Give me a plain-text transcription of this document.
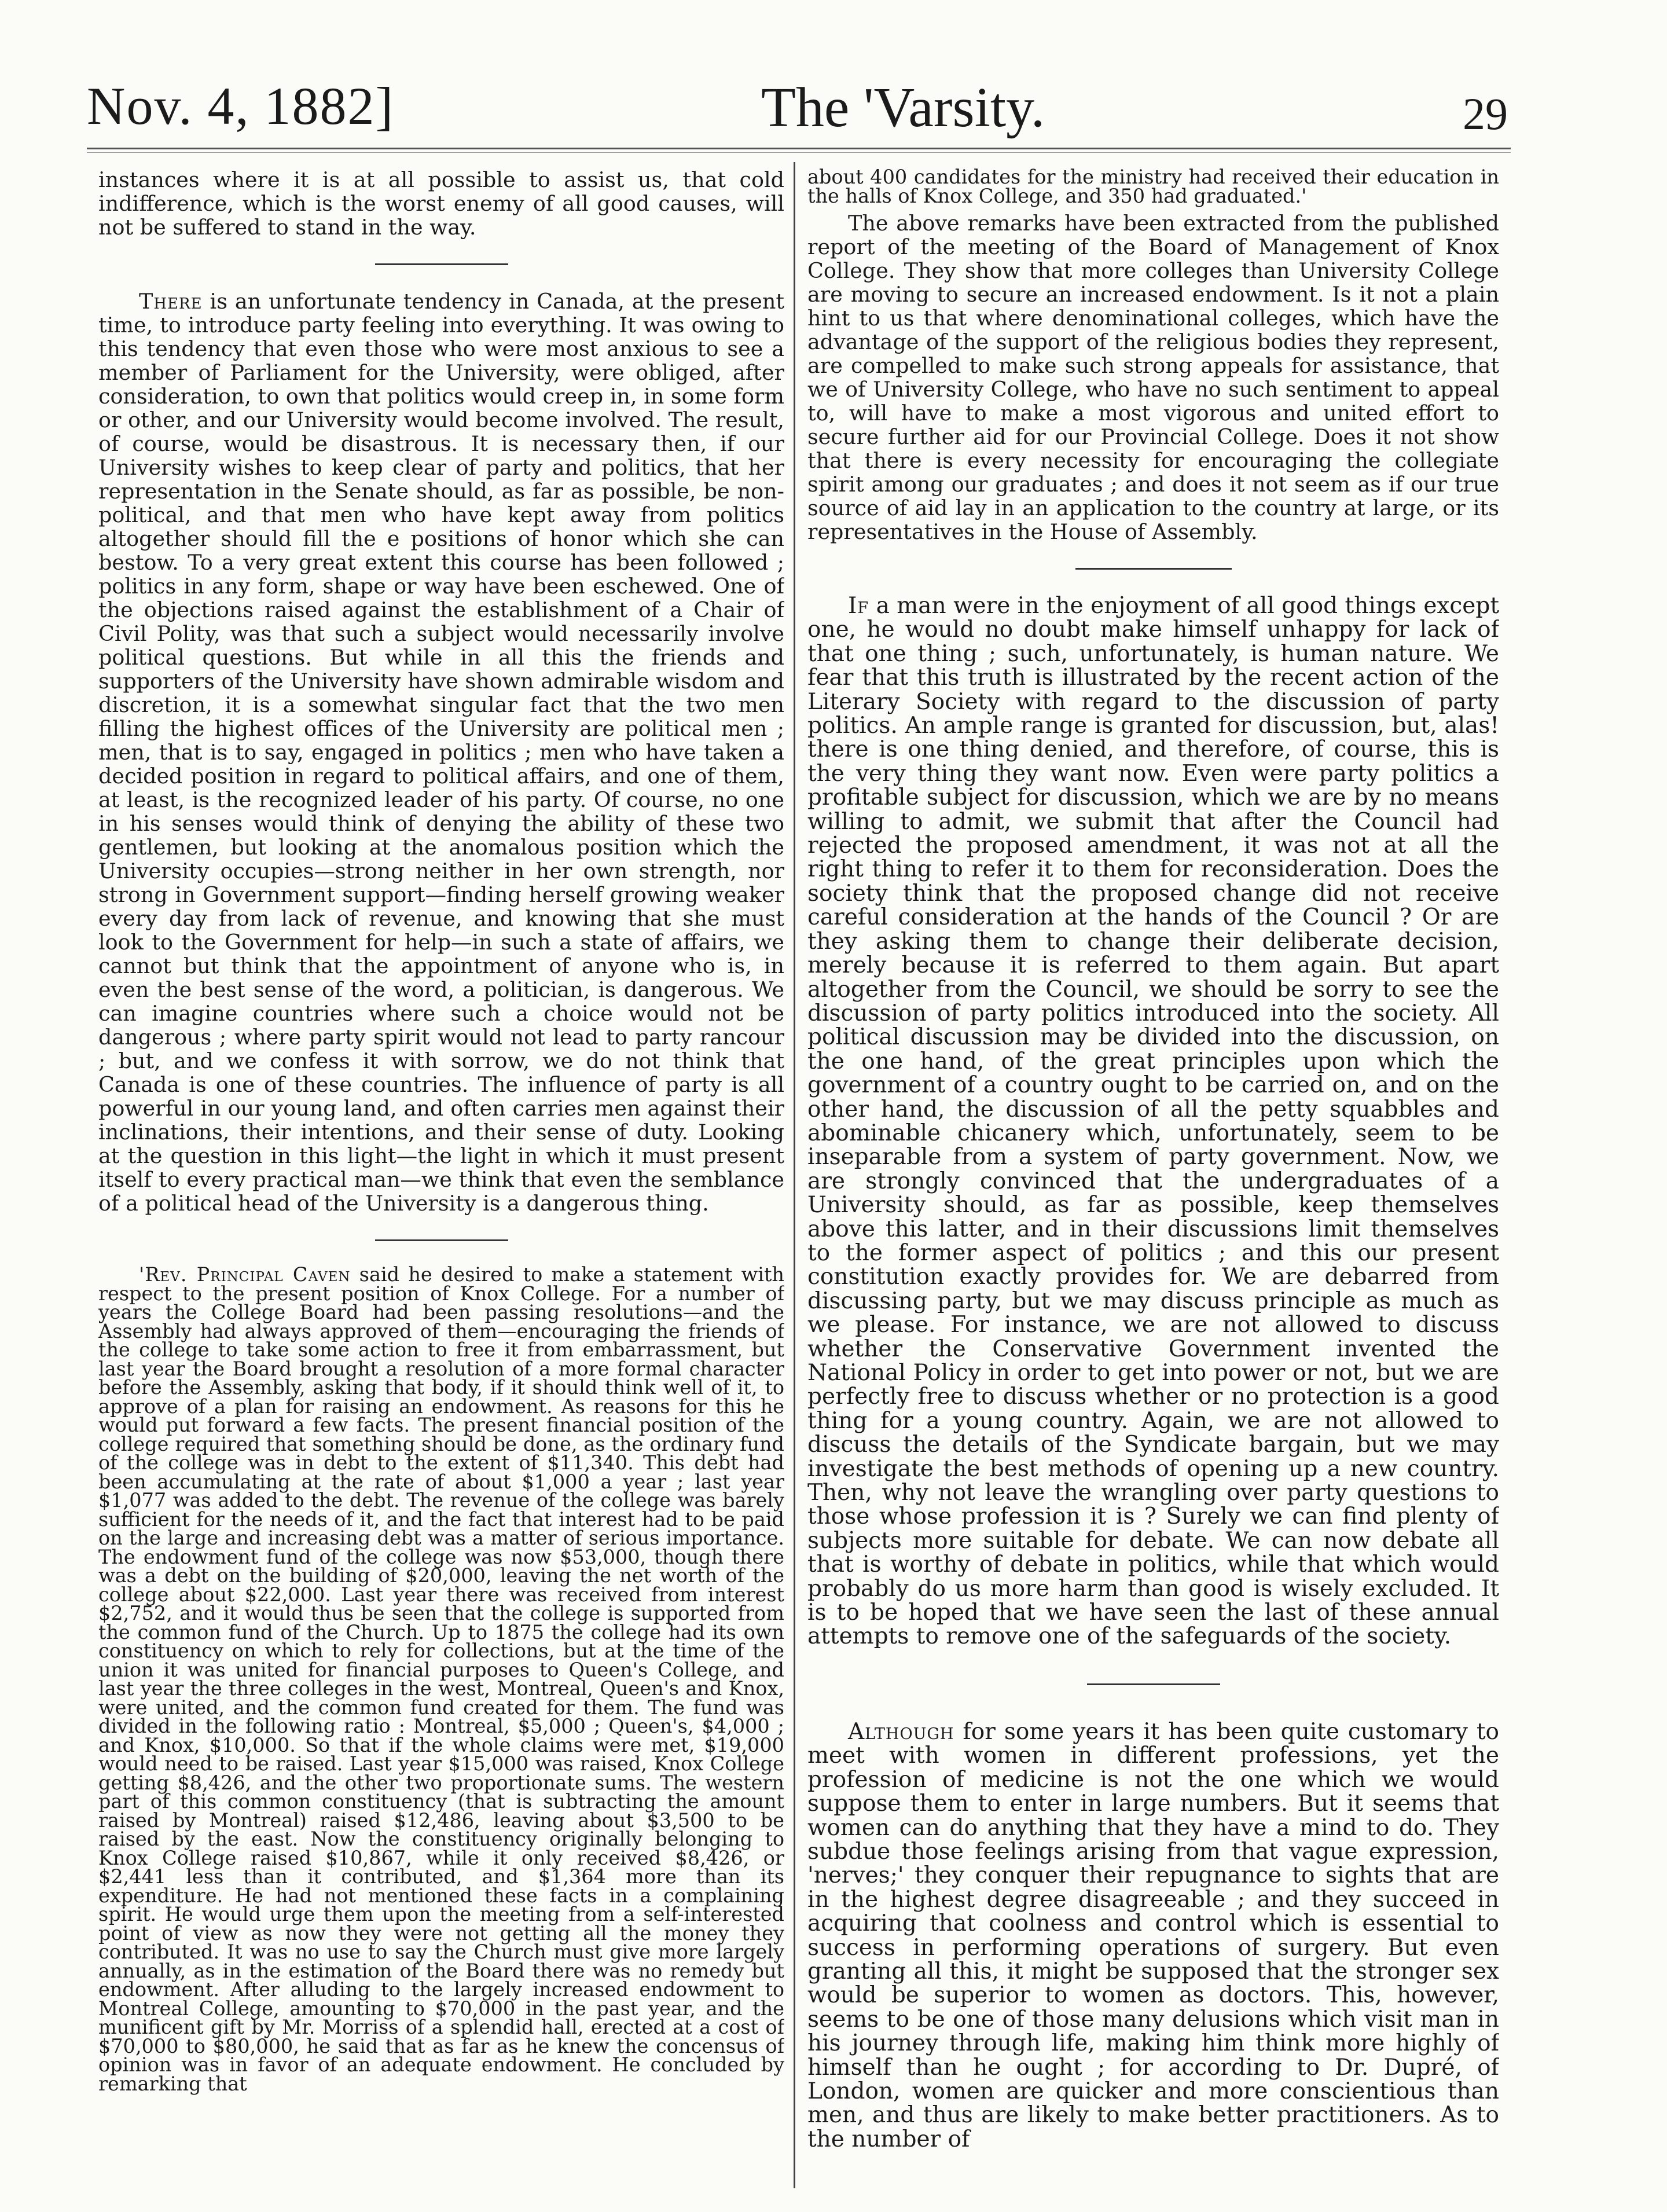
Nov. 4, 1882]	The 'Varsity.	29

instances where it is at all possible to assist us, that cold indifference, which is the worst enemy of all good causes, will not be suffered to stand in the way.

There is an unfortunate tendency in Canada, at the present time, to introduce party feeling into everything. It was owing to this tendency that even those who were most anxious to see a member of Parliament for the University, were obliged, after consideration, to own that politics would creep in, in some form or other, and our University would become involved. The result, of course, would be disastrous. It is necessary then, if our University wishes to keep clear of party and politics, that her representation in the Senate should, as far as possible, be non-political, and that men who have kept away from politics altogether should fill the e positions of honor which she can bestow. To a very great extent this course has been followed ; politics in any form, shape or way have been eschewed. One of the objections raised against the establishment of a Chair of Civil Polity, was that such a subject would necessarily involve political questions. But while in all this the friends and supporters of the University have shown admirable wisdom and discretion, it is a somewhat singular fact that the two men filling the highest offices of the University are political men ; men, that is to say, engaged in politics ; men who have taken a decided position in regard to political affairs, and one of them, at least, is the recognized leader of his party. Of course, no one in his senses would think of denying the ability of these two gentlemen, but looking at the anomalous position which the University occupies—strong neither in her own strength, nor strong in Government support—finding herself growing weaker every day from lack of revenue, and knowing that she must look to the Government for help—in such a state of affairs, we cannot but think that the appointment of anyone who is, in even the best sense of the word, a politician, is dangerous. We can imagine countries where such a choice would not be dangerous ; where party spirit would not lead to party rancour ; but, and we confess it with sorrow, we do not think that Canada is one of these countries. The influence of party is all powerful in our young land, and often carries men against their inclinations, their intentions, and their sense of duty. Looking at the question in this light—the light in which it must present itself to every practical man—we think that even the semblance of a political head of the University is a dangerous thing.

'Rev. Principal Caven said he desired to make a statement with respect to the present position of Knox College. For a number of years the College Board had been passing resolutions—and the Assembly had always approved of them—encouraging the friends of the college to take some action to free it from embarrassment, but last year the Board brought a resolution of a more formal character before the Assembly, asking that body, if it should think well of it, to approve of a plan for raising an endowment. As reasons for this he would put forward a few facts. The present financial position of the college required that something should be done, as the ordinary fund of the college was in debt to the extent of $11,340. This debt had been accumulating at the rate of about $1,000 a year ; last year $1,077 was added to the debt. The revenue of the college was barely sufficient for the needs of it, and the fact that interest had to be paid on the large and increasing debt was a matter of serious importance. The endowment fund of the college was now $53,000, though there was a debt on the building of $20,000, leaving the net worth of the college about $22,000. Last year there was received from interest $2,752, and it would thus be seen that the college is supported from the common fund of the Church. Up to 1875 the college had its own constituency on which to rely for collections, but at the time of the union it was united for financial purposes to Queen's College, and last year the three colleges in the west, Montreal, Queen's and Knox, were united, and the common fund created for them. The fund was divided in the following ratio : Montreal, $5,000 ; Queen's, $4,000 ; and Knox, $10,000. So that if the whole claims were met, $19,000 would need to be raised. Last year $15,000 was raised, Knox College getting $8,426, and the other two proportionate sums. The western part of this common constituency (that is subtracting the amount raised by Montreal) raised $12,486, leaving about $3,500 to be raised by the east. Now the constituency originally belonging to Knox College raised $10,867, while it only received $8,426, or $2,441 less than it contributed, and $1,364 more than its expenditure. He had not mentioned these facts in a complaining spirit. He would urge them upon the meeting from a self-interested point of view as now they were not getting all the money they contributed. It was no use to say the Church must give more largely annually, as in the estimation of the Board there was no remedy but endowment. After alluding to the largely increased endowment to Montreal College, amounting to $70,000 in the past year, and the munificent gift by Mr. Morriss of a splendid hall, erected at a cost of $70,000 to $80,000, he said that as far as he knew the concensus of opinion was in favor of an adequate endowment. He concluded by remarking that

about 400 candidates for the ministry had received their education in the halls of Knox College, and 350 had graduated.'

The above remarks have been extracted from the published report of the meeting of the Board of Management of Knox College. They show that more colleges than University College are moving to secure an increased endowment. Is it not a plain hint to us that where denominational colleges, which have the advantage of the support of the religious bodies they represent, are compelled to make such strong appeals for assistance, that we of University College, who have no such sentiment to appeal to, will have to make a most vigorous and united effort to secure further aid for our Provincial College. Does it not show that there is every necessity for encouraging the collegiate spirit among our graduates ; and does it not seem as if our true source of aid lay in an application to the country at large, or its representatives in the House of Assembly.

If a man were in the enjoyment of all good things except one, he would no doubt make himself unhappy for lack of that one thing ; such, unfortunately, is human nature. We fear that this truth is illustrated by the recent action of the Literary Society with regard to the discussion of party politics. An ample range is granted for discussion, but, alas! there is one thing denied, and therefore, of course, this is the very thing they want now. Even were party politics a profitable subject for discussion, which we are by no means willing to admit, we submit that after the Council had rejected the proposed amendment, it was not at all the right thing to refer it to them for reconsideration. Does the society think that the proposed change did not receive careful consideration at the hands of the Council ? Or are they asking them to change their deliberate decision, merely because it is referred to them again. But apart altogether from the Council, we should be sorry to see the discussion of party politics introduced into the society. All political discussion may be divided into the discussion, on the one hand, of the great principles upon which the government of a country ought to be carried on, and on the other hand, the discussion of all the petty squabbles and abominable chicanery which, unfortunately, seem to be inseparable from a system of party government. Now, we are strongly convinced that the undergraduates of a University should, as far as possible, keep themselves above this latter, and in their discussions limit themselves to the former aspect of politics ; and this our present constitution exactly provides for. We are debarred from discussing party, but we may discuss principle as much as we please. For instance, we are not allowed to discuss whether the Conservative Government invented the National Policy in order to get into power or not, but we are perfectly free to discuss whether or no protection is a good thing for a young country. Again, we are not allowed to discuss the details of the Syndicate bargain, but we may investigate the best methods of opening up a new country. Then, why not leave the wrangling over party questions to those whose profession it is ? Surely we can find plenty of subjects more suitable for debate. We can now debate all that is worthy of debate in politics, while that which would probably do us more harm than good is wisely excluded. It is to be hoped that we have seen the last of these annual attempts to remove one of the safeguards of the society.

Although for some years it has been quite customary to meet with women in different professions, yet the profession of medicine is not the one which we would suppose them to enter in large numbers. But it seems that women can do anything that they have a mind to do. They subdue those feelings arising from that vague expression, 'nerves;' they conquer their repugnance to sights that are in the highest degree disagreeable ; and they succeed in acquiring that coolness and control which is essential to success in performing operations of surgery. But even granting all this, it might be supposed that the stronger sex would be superior to women as doctors. This, however, seems to be one of those many delusions which visit man in his journey through life, making him think more highly of himself than he ought ; for according to Dr. Dupré, of London, women are quicker and more conscientious than men, and thus are likely to make better practitioners. As to the number of
